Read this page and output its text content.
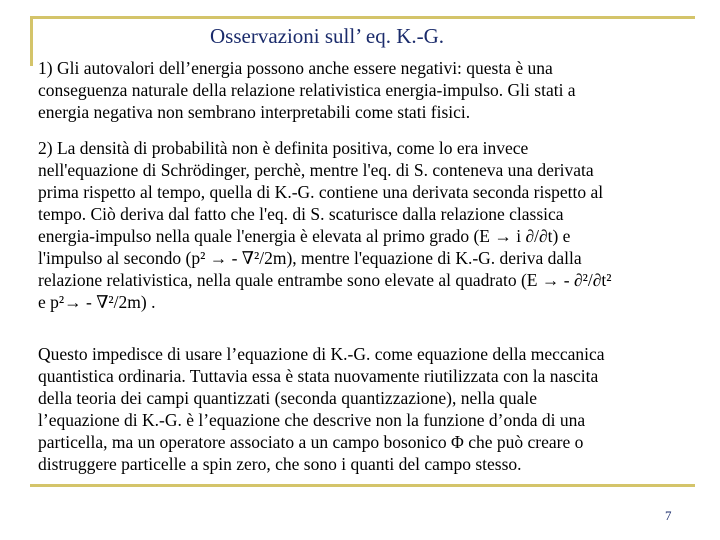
Osservazioni sull’ eq. K.-G.
1) Gli autovalori dell’energia possono anche essere negativi: questa è una
conseguenza naturale della relazione relativistica energia-impulso. Gli stati a
energia negativa non sembrano interpretabili come stati fisici.
2) La densità di probabilità non è definita positiva, come lo era invece
nell'equazione di Schrödinger, perchè, mentre l'eq. di S. conteneva una derivata
prima rispetto al tempo, quella di K.-G. contiene una derivata seconda rispetto al
tempo. Ciò deriva dal fatto che l'eq. di S. scaturisce dalla relazione classica
energia-impulso nella quale l'energia è elevata al primo grado (E → i ∂/∂t) e
l'impulso al secondo (p² → - ∇²/2m), mentre l'equazione di K.-G. deriva dalla
relazione relativistica, nella quale entrambe sono elevate al quadrato (E → - ∂²/∂t²
e p²→ - ∇²/2m) .
Questo impedisce di usare l’equazione di K.-G. come equazione della meccanica
quantistica ordinaria. Tuttavia essa è stata nuovamente riutilizzata con la nascita
della teoria dei campi quantizzati (seconda quantizzazione), nella quale
l’equazione di K.-G. è l’equazione che descrive non la funzione d’onda di una
particella, ma un operatore associato a un campo bosonico Φ che può creare o
distruggere particelle a spin zero, che sono i quanti del campo stesso.
7
